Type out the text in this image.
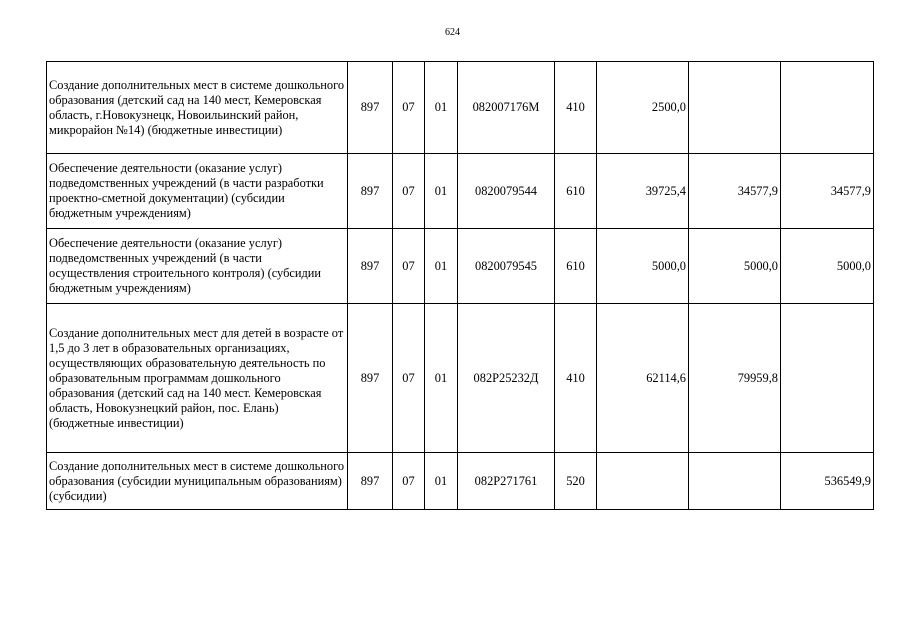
624
Создание дополнительных мест в системе дошкольного образования (детский сад на 140 мест, Кемеровская область, г.Новокузнецк, Новоильинский район, микрорайон №14) (бюджетные инвестиции)	897	07	01	082007176М	410	2500,0		
Обеспечение деятельности (оказание услуг) подведомственных учреждений (в части разработки проектно-сметной документации) (субсидии бюджетным учреждениям)	897	07	01	0820079544	610	39725,4	34577,9	34577,9
Обеспечение деятельности (оказание услуг) подведомственных учреждений (в части осуществления строительного контроля) (субсидии бюджетным учреждениям)	897	07	01	0820079545	610	5000,0	5000,0	5000,0
Создание дополнительных мест для детей в возрасте от 1,5 до 3 лет в образовательных организациях, осуществляющих образовательную деятельность по образовательным программам дошкольного образования (детский сад на 140 мест. Кемеровская область, Новокузнецкий район, пос. Елань) (бюджетные инвестиции)	897	07	01	082P25232Д	410	62114,6	79959,8	
Создание дополнительных мест в системе дошкольного образования (субсидии муниципальным образованиям) (субсидии)	897	07	01	082P271761	520			536549,9
